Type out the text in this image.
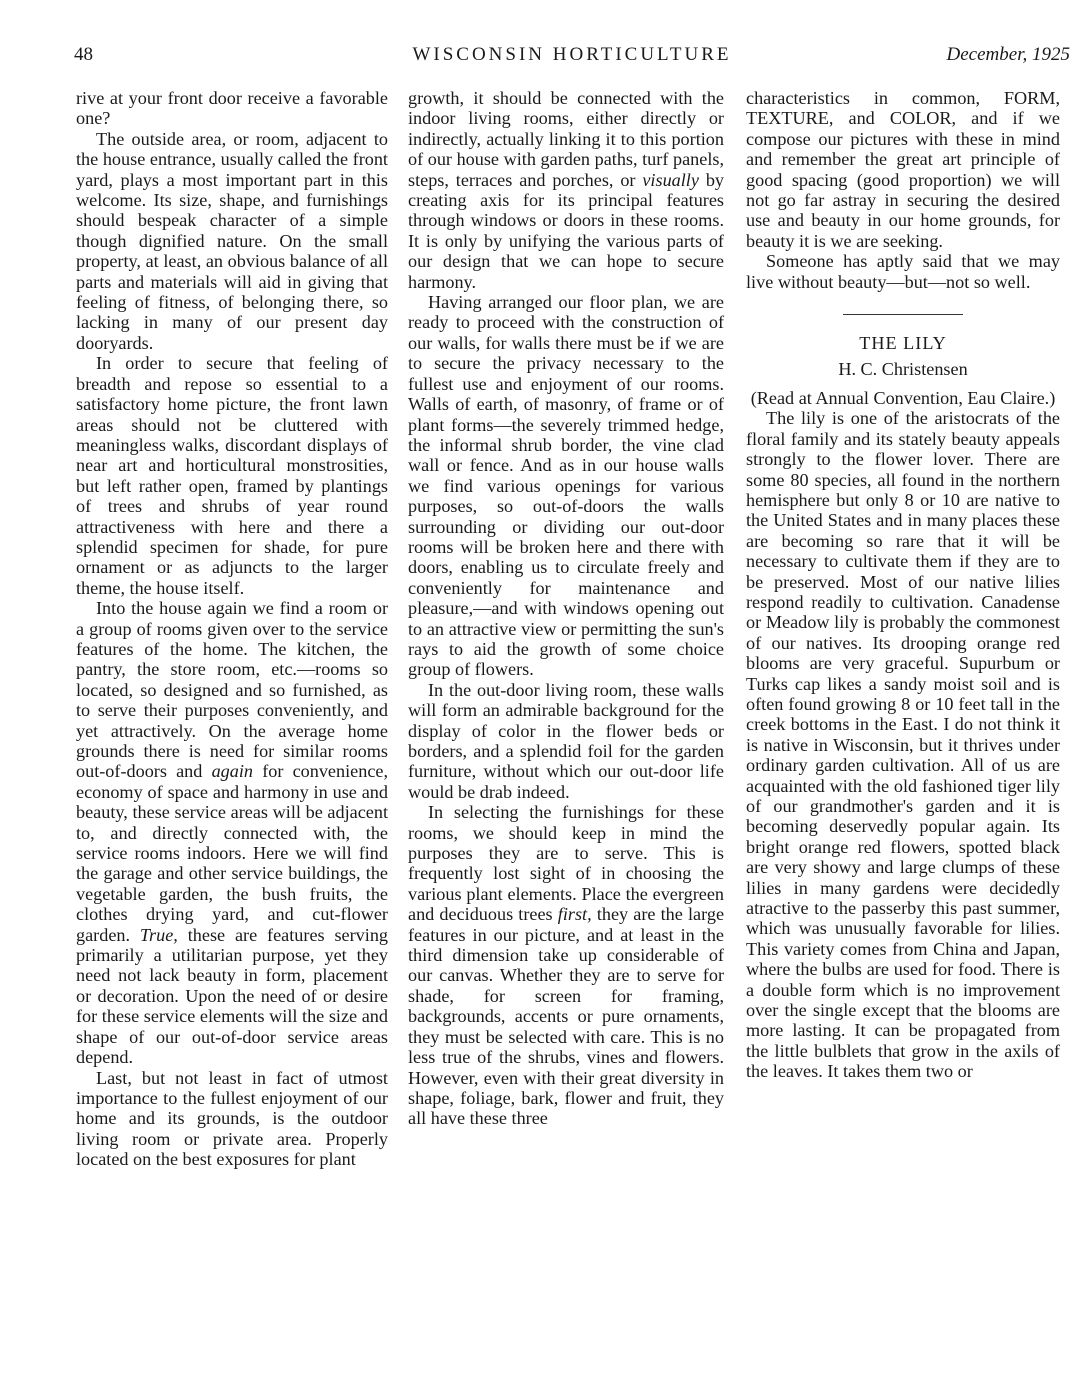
48	WISCONSIN HORTICULTURE	December, 1925

rive at your front door receive a favorable one?

The outside area, or room, adjacent to the house entrance, usually called the front yard, plays a most important part in this welcome. Its size, shape, and furnishings should bespeak character of a simple though dignified nature. On the small property, at least, an obvious balance of all parts and materials will aid in giving that feeling of fitness, of belonging there, so lacking in many of our present day dooryards.

In order to secure that feeling of breadth and repose so essential to a satisfactory home picture, the front lawn areas should not be cluttered with meaningless walks, discordant displays of near art and horticultural monstrosities, but left rather open, framed by plantings of trees and shrubs of year round attractiveness with here and there a splendid specimen for shade, for pure ornament or as adjuncts to the larger theme, the house itself.

Into the house again we find a room or a group of rooms given over to the service features of the home. The kitchen, the pantry, the store room, etc.—rooms so located, so designed and so furnished, as to serve their purposes conveniently, and yet attractively. On the average home grounds there is need for similar rooms out-of-doors and again for convenience, economy of space and harmony in use and beauty, these service areas will be adjacent to, and directly connected with, the service rooms indoors. Here we will find the garage and other service buildings, the vegetable garden, the bush fruits, the clothes drying yard, and cut-flower garden. True, these are features serving primarily a utilitarian purpose, yet they need not lack beauty in form, placement or decoration. Upon the need of or desire for these service elements will the size and shape of our out-of-door service areas depend.

Last, but not least in fact of utmost importance to the fullest enjoyment of our home and its grounds, is the outdoor living room or private area. Properly located on the best exposures for plant

growth, it should be connected with the indoor living rooms, either directly or indirectly, actually linking it to this portion of our house with garden paths, turf panels, steps, terraces and porches, or visually by creating axis for its principal features through windows or doors in these rooms. It is only by unifying the various parts of our design that we can hope to secure harmony.

Having arranged our floor plan, we are ready to proceed with the construction of our walls, for walls there must be if we are to secure the privacy necessary to the fullest use and enjoyment of our rooms. Walls of earth, of masonry, of frame or of plant forms—the severely trimmed hedge, the informal shrub border, the vine clad wall or fence. And as in our house walls we find various openings for various purposes, so out-of-doors the walls surrounding or dividing our out-door rooms will be broken here and there with doors, enabling us to circulate freely and conveniently for maintenance and pleasure,—and with windows opening out to an attractive view or permitting the sun's rays to aid the growth of some choice group of flowers.

In the out-door living room, these walls will form an admirable background for the display of color in the flower beds or borders, and a splendid foil for the garden furniture, without which our out-door life would be drab indeed.

In selecting the furnishings for these rooms, we should keep in mind the purposes they are to serve. This is frequently lost sight of in choosing the various plant elements. Place the evergreen and deciduous trees first, they are the large features in our picture, and at least in the third dimension take up considerable of our canvas. Whether they are to serve for shade, for screen for framing, backgrounds, accents or pure ornaments, they must be selected with care. This is no less true of the shrubs, vines and flowers. However, even with their great diversity in shape, foliage, bark, flower and fruit, they all have these three

characteristics in common, FORM, TEXTURE, and COLOR, and if we compose our pictures with these in mind and remember the great art principle of good spacing (good proportion) we will not go far astray in securing the desired use and beauty in our home grounds, for beauty it is we are seeking.

Someone has aptly said that we may live without beauty—but—not so well.

THE LILY

H. C. Christensen

(Read at Annual Convention, Eau Claire.)

The lily is one of the aristocrats of the floral family and its stately beauty appeals strongly to the flower lover. There are some 80 species, all found in the northern hemisphere but only 8 or 10 are native to the United States and in many places these are becoming so rare that it will be necessary to cultivate them if they are to be preserved. Most of our native lilies respond readily to cultivation. Canadense or Meadow lily is probably the commonest of our natives. Its drooping orange red blooms are very graceful. Supurbum or Turks cap likes a sandy moist soil and is often found growing 8 or 10 feet tall in the creek bottoms in the East. I do not think it is native in Wisconsin, but it thrives under ordinary garden cultivation. All of us are acquainted with the old fashioned tiger lily of our grandmother's garden and it is becoming deservedly popular again. Its bright orange red flowers, spotted black are very showy and large clumps of these lilies in many gardens were decidedly atractive to the passerby this past summer, which was unusually favorable for lilies. This variety comes from China and Japan, where the bulbs are used for food. There is a double form which is no improvement over the single except that the blooms are more lasting. It can be propagated from the little bulblets that grow in the axils of the leaves. It takes them two or
